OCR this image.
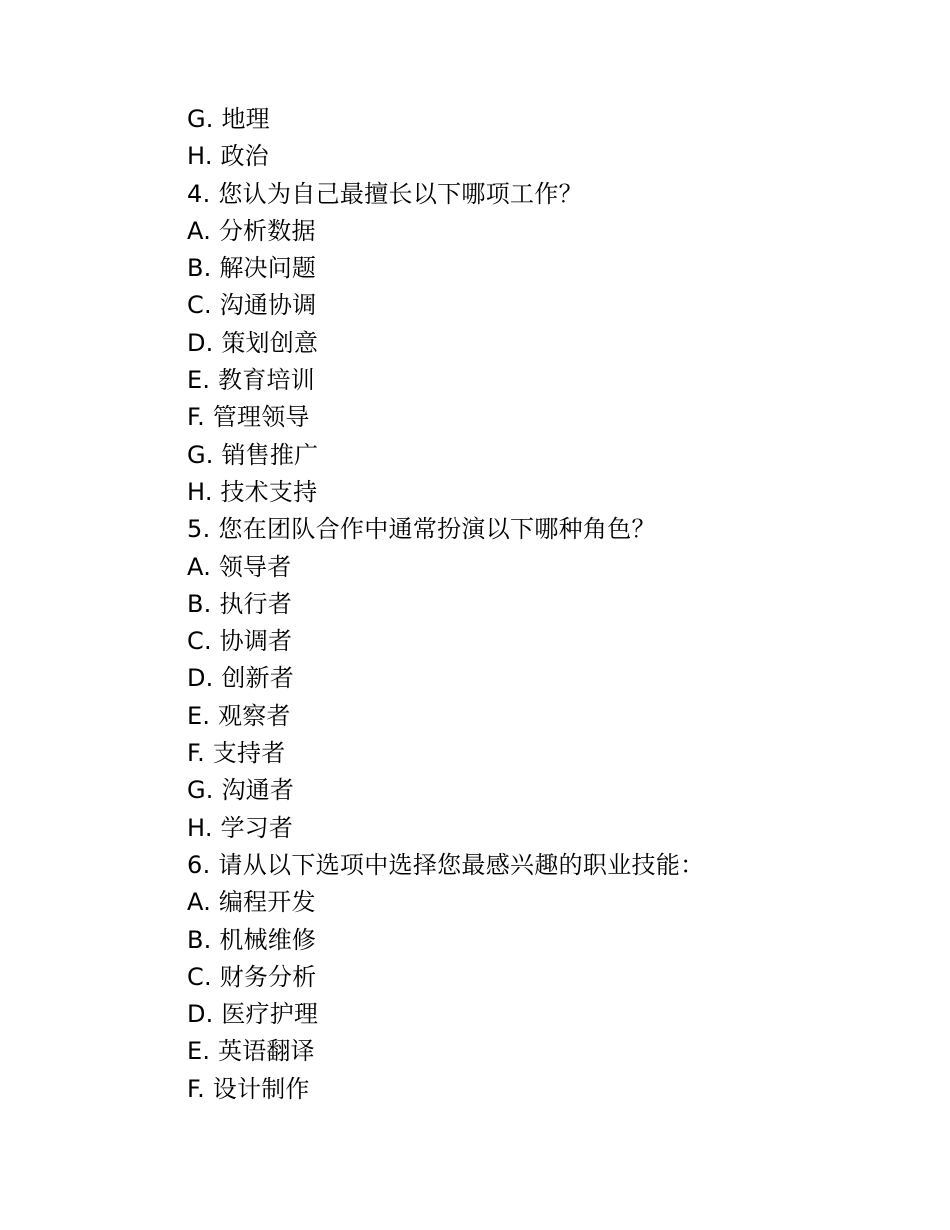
G. 地理
H. 政治
4. 您认为自己最擅长以下哪项工作？
A. 分析数据
B. 解决问题
C. 沟通协调
D. 策划创意
E. 教育培训
F. 管理领导
G. 销售推广
H. 技术支持
5. 您在团队合作中通常扮演以下哪种角色？
A. 领导者
B. 执行者
C. 协调者
D. 创新者
E. 观察者
F. 支持者
G. 沟通者
H. 学习者
6. 请从以下选项中选择您最感兴趣的职业技能：
A. 编程开发
B. 机械维修
C. 财务分析
D. 医疗护理
E. 英语翻译
F. 设计制作
